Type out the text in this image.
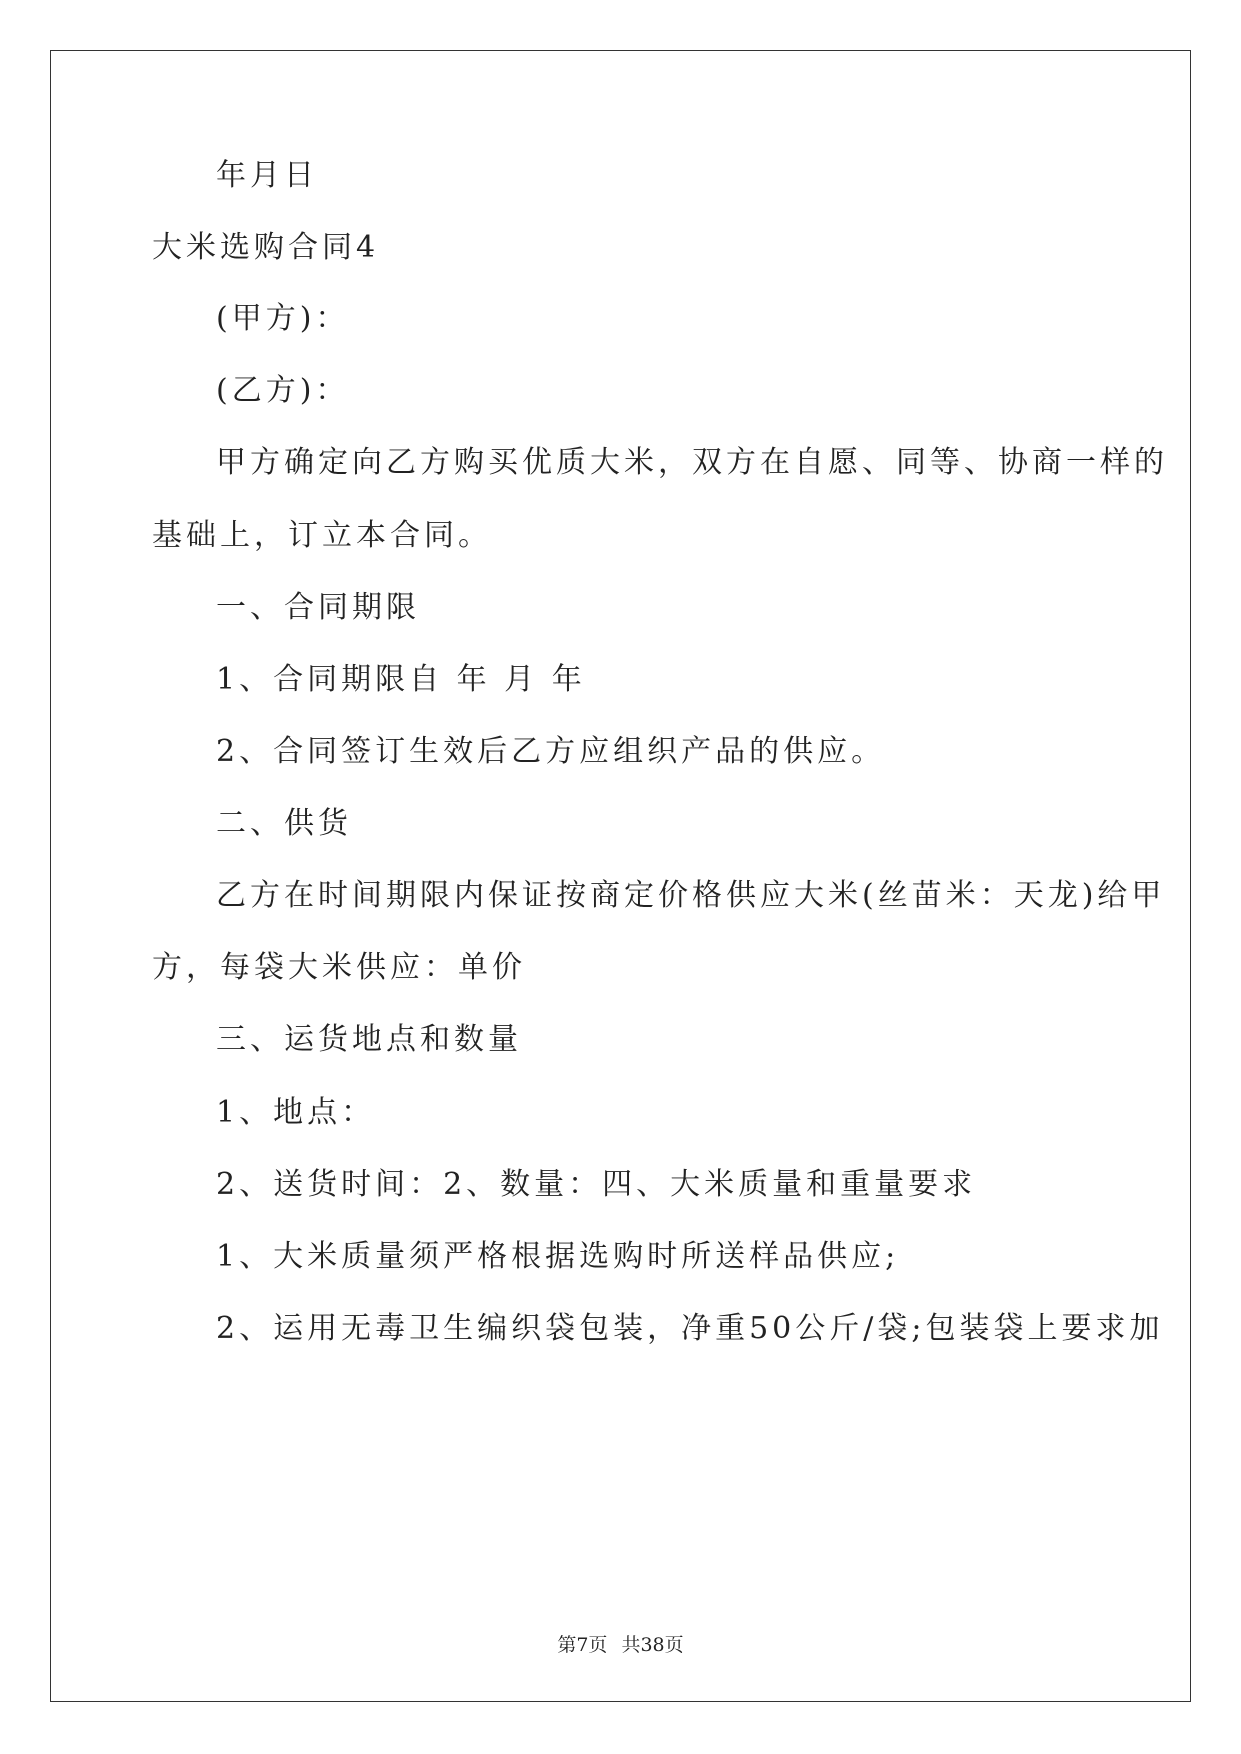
年月日
大米选购合同4
(甲方)：
(乙方)：
甲方确定向乙方购买优质大米，双方在自愿、同等、协商一样的
基础上，订立本合同。
一、合同期限
1、合同期限自 年 月 年
2、合同签订生效后乙方应组织产品的供应。
二、供货
乙方在时间期限内保证按商定价格供应大米(丝苗米：天龙)给甲
方，每袋大米供应：单价
三、运货地点和数量
1、地点：
2、送货时间：2、数量：四、大米质量和重量要求
1、大米质量须严格根据选购时所送样品供应;
2、运用无毒卫生编织袋包装，净重50公斤/袋;包装袋上要求加
第7页 共38页
